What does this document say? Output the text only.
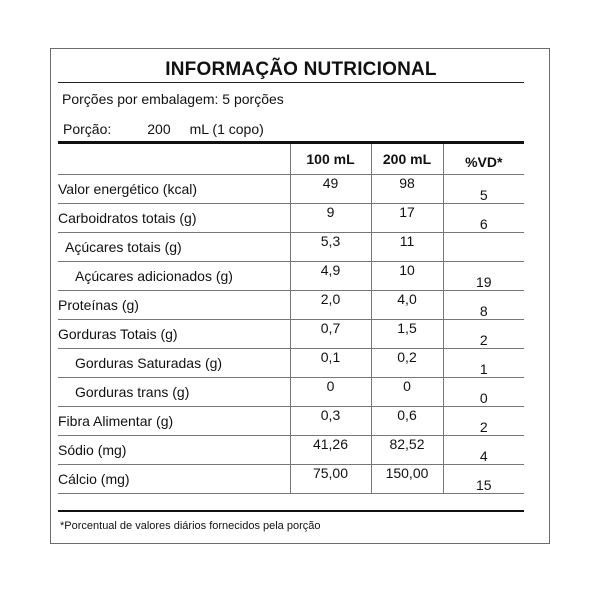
INFORMAÇÃO NUTRICIONAL
Porções por embalagem: 5 porções
Porção:	200 mL (1 copo)
	100 mL	200 mL	%VD*
Valor energético (kcal)	49	98	5
Carboidratos totais (g)	9	17	6
Açúcares totais (g)	5,3	11	
Açúcares adicionados (g)	4,9	10	19
Proteínas (g)	2,0	4,0	8
Gorduras Totais (g)	0,7	1,5	2
Gorduras Saturadas (g)	0,1	0,2	1
Gorduras trans (g)	0	0	0
Fibra Alimentar (g)	0,3	0,6	2
Sódio (mg)	41,26	82,52	4
Cálcio (mg)	75,00	150,00	15
*Porcentual de valores diários fornecidos pela porção
